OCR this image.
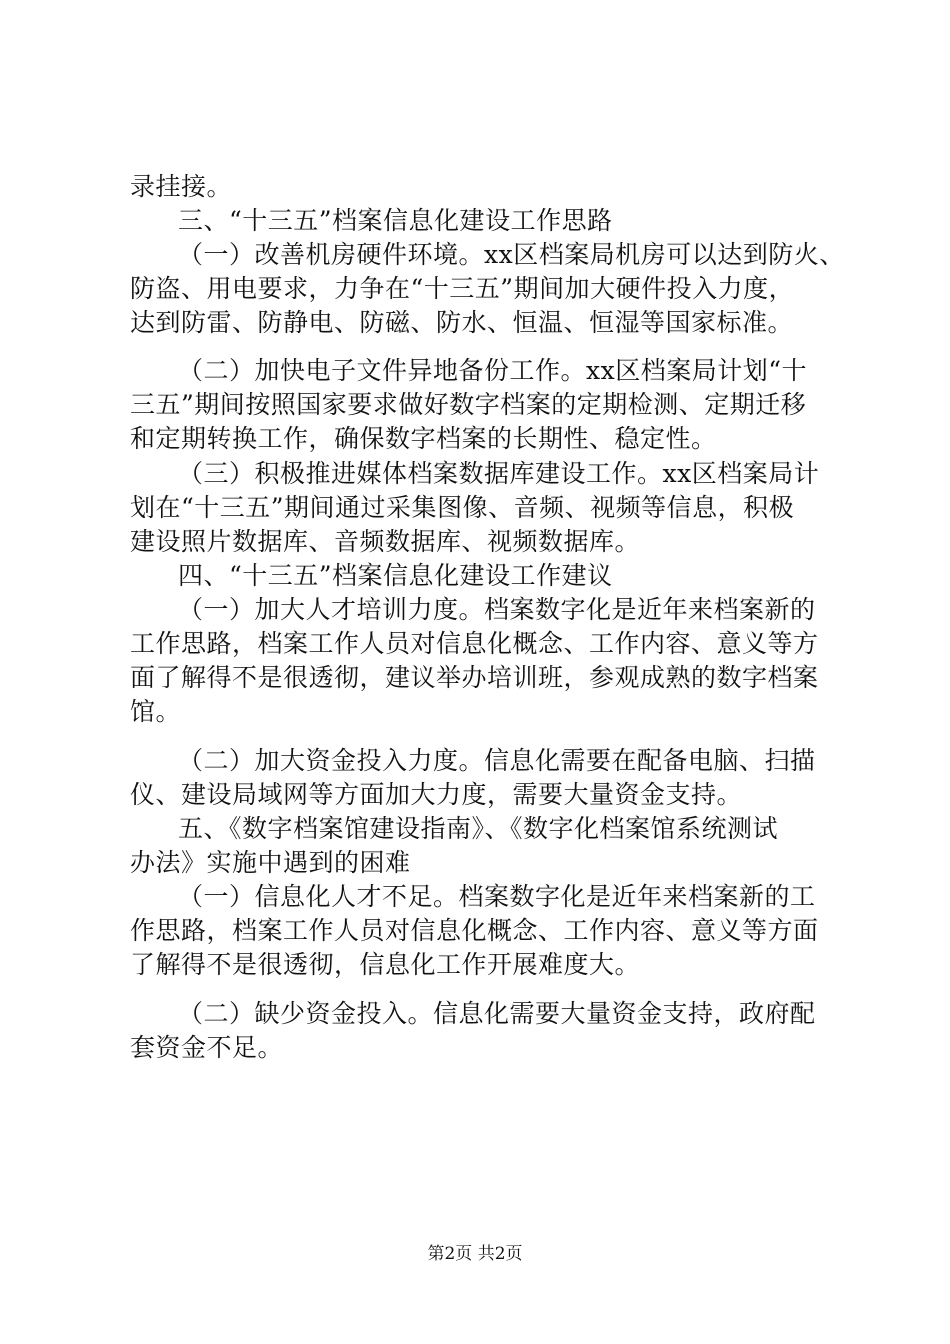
录挂接。
三、“十三五”档案信息化建设工作思路
（一）改善机房硬件环境。xx区档案局机房可以达到防火、
防盗、用电要求，力争在“十三五”期间加大硬件投入力度，
达到防雷、防静电、防磁、防水、恒温、恒湿等国家标准。
（二）加快电子文件异地备份工作。xx区档案局计划“十
三五”期间按照国家要求做好数字档案的定期检测、定期迁移
和定期转换工作，确保数字档案的长期性、稳定性。
（三）积极推进媒体档案数据库建设工作。xx区档案局计
划在“十三五”期间通过采集图像、音频、视频等信息，积极
建设照片数据库、音频数据库、视频数据库。
四、“十三五”档案信息化建设工作建议
（一）加大人才培训力度。档案数字化是近年来档案新的
工作思路，档案工作人员对信息化概念、工作内容、意义等方
面了解得不是很透彻，建议举办培训班，参观成熟的数字档案
馆。
（二）加大资金投入力度。信息化需要在配备电脑、扫描
仪、建设局域网等方面加大力度，需要大量资金支持。
五、《数字档案馆建设指南》、《数字化档案馆系统测试
办法》实施中遇到的困难
（一）信息化人才不足。档案数字化是近年来档案新的工
作思路，档案工作人员对信息化概念、工作内容、意义等方面
了解得不是很透彻，信息化工作开展难度大。
（二）缺少资金投入。信息化需要大量资金支持，政府配
套资金不足。
第2页 共2页
